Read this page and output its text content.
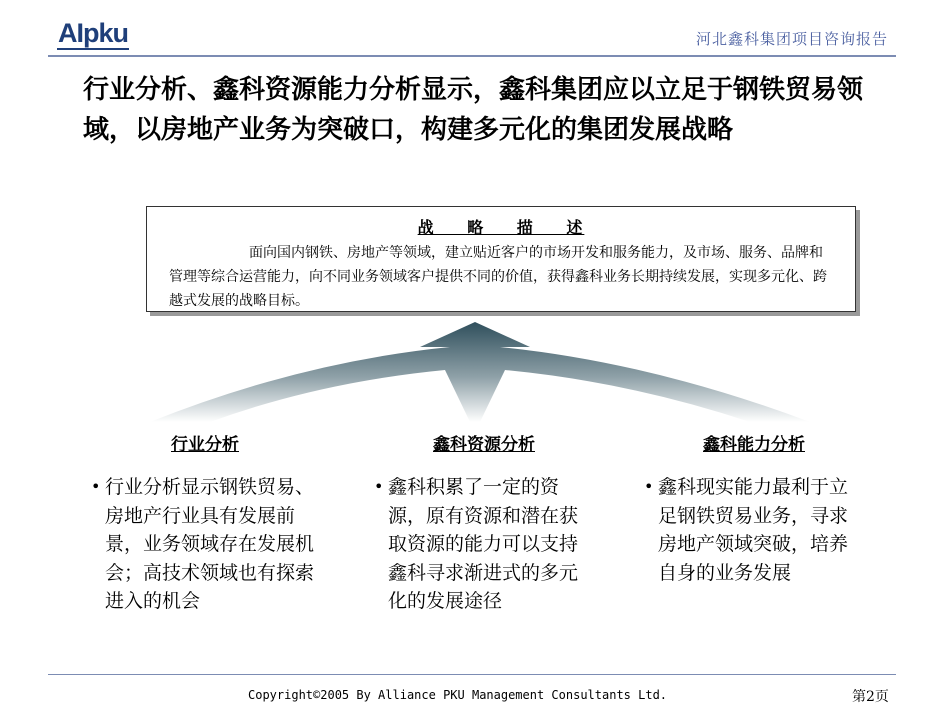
AIpku	河北鑫科集团项目咨询报告
行业分析、鑫科资源能力分析显示，鑫科集团应以立足于钢铁贸易领域，以房地产业务为突破口，构建多元化的集团发展战略
战 略 描 述

面向国内钢铁、房地产等领域，建立贴近客户的市场开发和服务能力，及市场、服务、品牌和管理等综合运营能力，向不同业务领域客户提供不同的价值，获得鑫科业务长期持续发展，实现多元化、跨越式发展的战略目标。

行业分析	鑫科资源分析	鑫科能力分析
• 行业分析显示钢铁贸易、房地产行业具有发展前景，业务领域存在发展机会；高技术领域也有探索进入的机会
• 鑫科积累了一定的资源，原有资源和潜在获取资源的能力可以支持鑫科寻求渐进式的多元化的发展途径
• 鑫科现实能力最利于立足钢铁贸易业务，寻求房地产领域突破，培养自身的业务发展
Copyright©2005 By Alliance PKU Management Consultants Ltd.	第2页
